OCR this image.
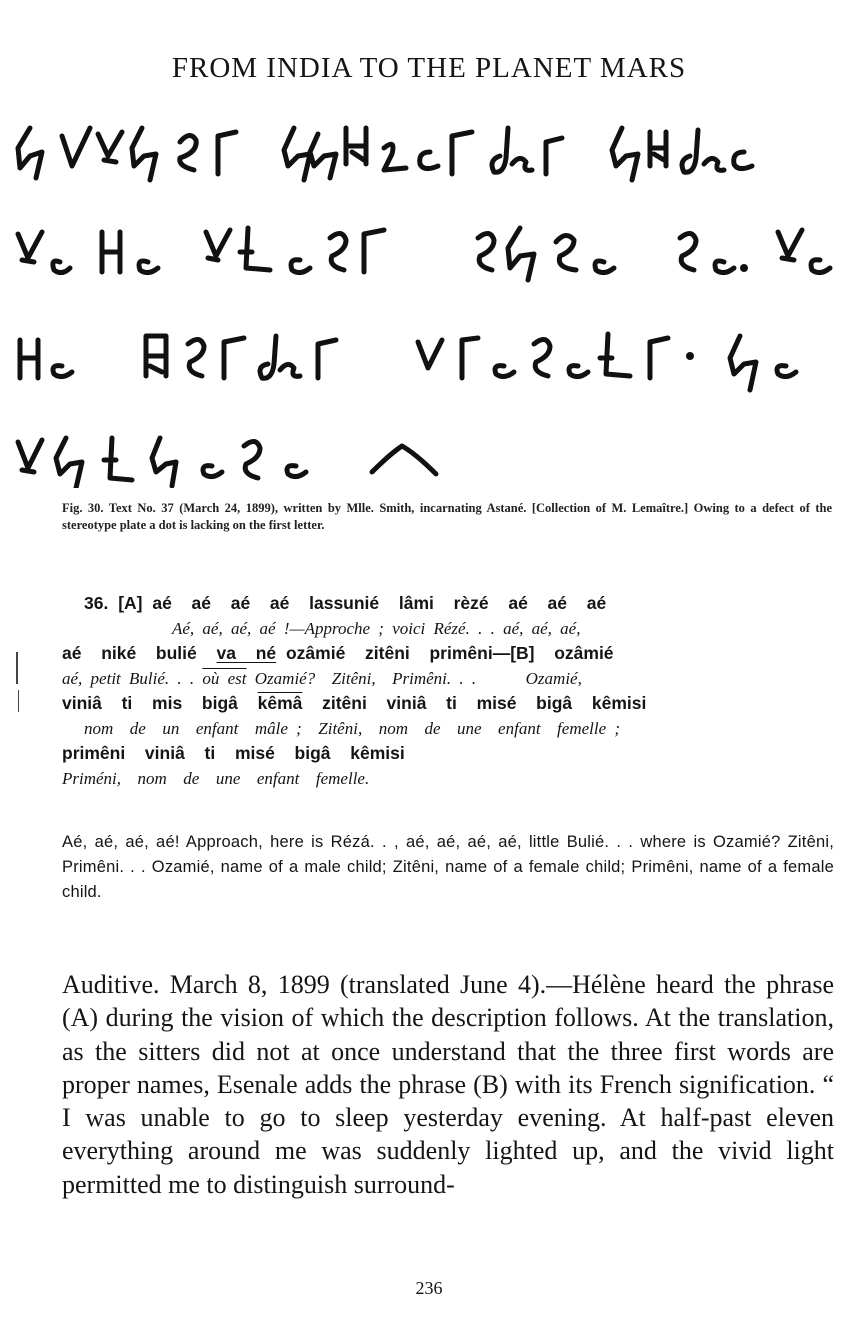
FROM INDIA TO THE PLANET MARS

Fig. 30. Text No. 37 (March 24, 1899), written by Mlle. Smith, incarnating Astané. [Collection of M. Lemaître.] Owing to a defect of the stereotype plate a dot is lacking on the first letter.

36. [A] aé  aé  aé  aé  lassunié  lâmi  rèzé  aé  aé  aé
Aé, aé, aé, aé !—Approche ; voici Rézé. . . aé, aé, aé,
aé  niké  bulié  va  né ozâmié  zitêni  primêni—[B]  ozâmié
aé, petit Bulié. . . où est Ozamié?  Zitêni,  Primêni. . .      Ozamié,
viniâ  ti  mis  bigâ  kêmâ  zitêni  viniâ  ti  misé  bigâ  kêmisi
nom  de  un  enfant  mâle ;  Zitêni,  nom  de  une  enfant  femelle ;
primêni  viniâ  ti  misé  bigâ  kêmisi
Priméni,  nom  de  une  enfant  femelle.

Aé, aé, aé, aé! Approach, here is Rézá. . , aé, aé, aé, aé, little Bulié. . . where is Ozamié? Zitêni, Primêni. . . Ozamié, name of a male child; Zitêni, name of a female child; Primêni, name of a female child.

Auditive. March 8, 1899 (translated June 4).—Hélène heard the phrase (A) during the vision of which the description follows. At the translation, as the sitters did not at once understand that the three first words are proper names, Esenale adds the phrase (B) with its French signification. “ I was unable to go to sleep yesterday evening. At half-past eleven everything around me was suddenly lighted up, and the vivid light permitted me to distinguish surround-

236
